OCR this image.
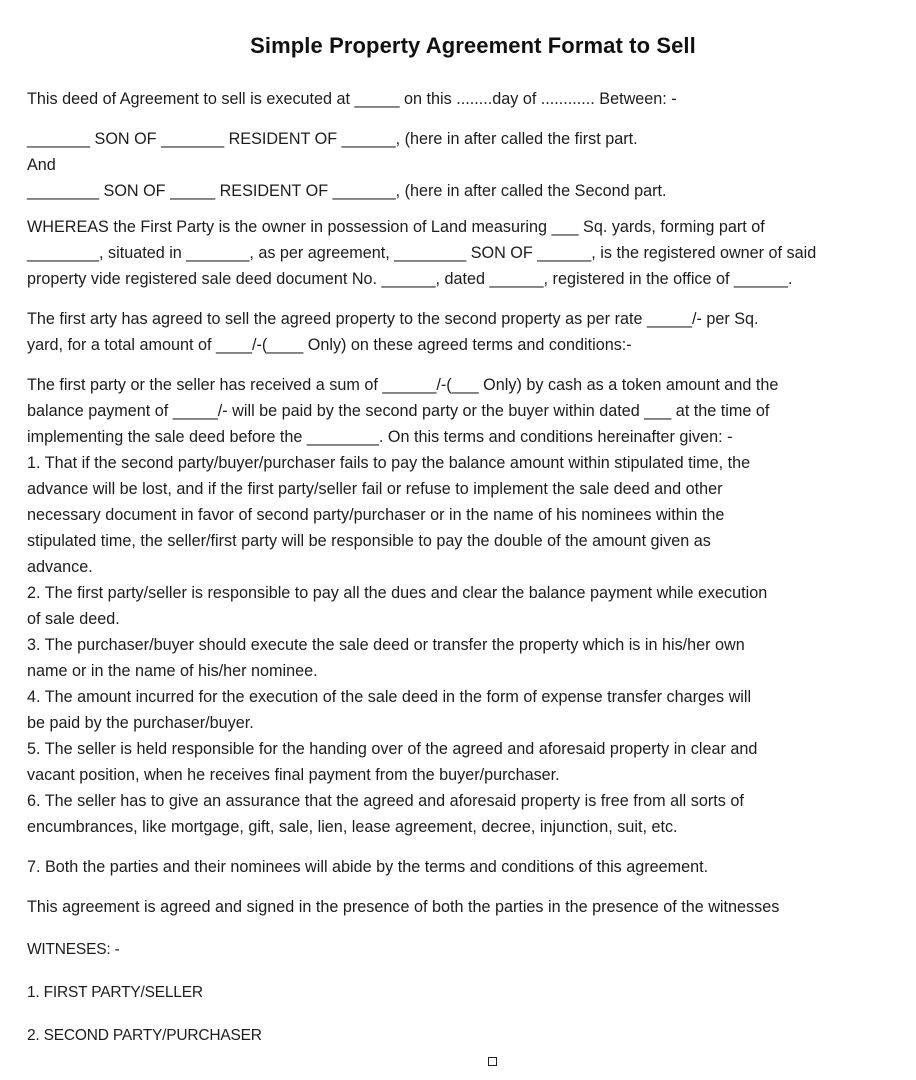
Simple Property Agreement Format to Sell

This deed of Agreement to sell is executed at _____ on this ........day of ............ Between: -

_______ SON OF _______ RESIDENT OF ______, (here in after called the first part.

And

________ SON OF _____ RESIDENT OF _______, (here in after called the Second part.

WHEREAS the First Party is the owner in possession of Land measuring ___ Sq. yards, forming part of

________, situated in _______, as per agreement, ________ SON OF ______, is the registered owner of said

property vide registered sale deed document No. ______, dated ______, registered in the office of ______.

The first arty has agreed to sell the agreed property to the second property as per rate _____/- per Sq.

yard, for a total amount of ____/-(____ Only) on these agreed terms and conditions:-

The first party or the seller has received a sum of ______/-(___ Only) by cash as a token amount and the

balance payment of _____/- will be paid by the second party or the buyer within dated ___ at the time of

implementing the sale deed before the ________. On this terms and conditions hereinafter given: -

1. That if the second party/buyer/purchaser fails to pay the balance amount within stipulated time, the

advance will be lost, and if the first party/seller fail or refuse to implement the sale deed and other

necessary document in favor of second party/purchaser or in the name of his nominees within the

stipulated time, the seller/first party will be responsible to pay the double of the amount given as

advance.

2. The first party/seller is responsible to pay all the dues and clear the balance payment while execution

of sale deed.

3. The purchaser/buyer should execute the sale deed or transfer the property which is in his/her own

name or in the name of his/her nominee.

4. The amount incurred for the execution of the sale deed in the form of expense transfer charges will

be paid by the purchaser/buyer.

5. The seller is held responsible for the handing over of the agreed and aforesaid property in clear and

vacant position, when he receives final payment from the buyer/purchaser.

6. The seller has to give an assurance that the agreed and aforesaid property is free from all sorts of

encumbrances, like mortgage, gift, sale, lien, lease agreement, decree, injunction, suit, etc.

7. Both the parties and their nominees will abide by the terms and conditions of this agreement.

This agreement is agreed and signed in the presence of both the parties in the presence of the witnesses

WITNESES: -

1. FIRST PARTY/SELLER

2. SECOND PARTY/PURCHASER
